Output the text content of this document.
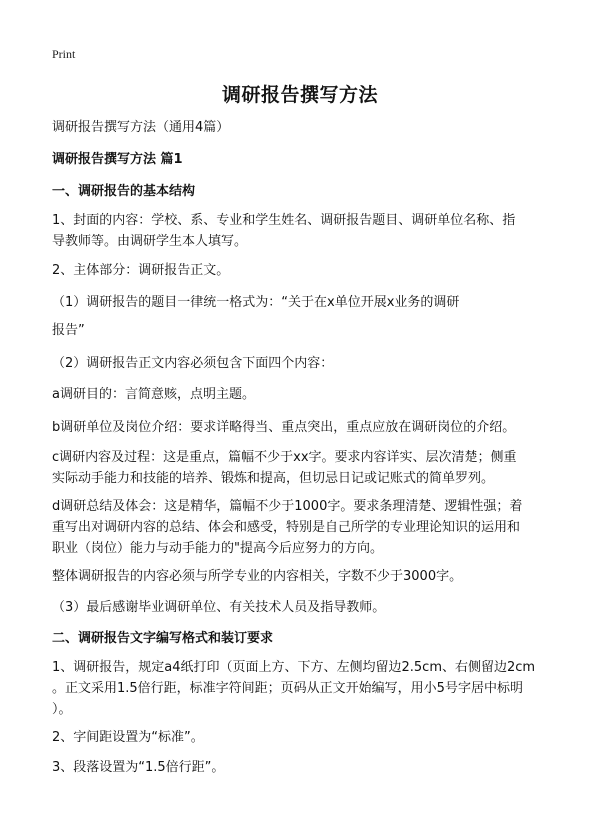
Print
调研报告撰写方法
调研报告撰写方法（通用4篇）
调研报告撰写方法 篇1
一、调研报告的基本结构
1、封面的内容：学校、系、专业和学生姓名、调研报告题目、调研单位名称、指
导教师等。由调研学生本人填写。
2、主体部分：调研报告正文。
（1）调研报告的题目一律统一格式为：“关于在x单位开展x业务的调研
报告”
（2）调研报告正文内容必须包含下面四个内容：
a调研目的：言简意赅，点明主题。
b调研单位及岗位介绍：要求详略得当、重点突出，重点应放在调研岗位的介绍。
c调研内容及过程：这是重点，篇幅不少于xx字。要求内容详实、层次清楚；侧重
实际动手能力和技能的培养、锻炼和提高，但切忌日记或记账式的简单罗列。
d调研总结及体会：这是精华，篇幅不少于1000字。要求条理清楚、逻辑性强；着
重写出对调研内容的总结、体会和感受，特别是自己所学的专业理论知识的运用和
职业（岗位）能力与动手能力的"提高今后应努力的方向。
整体调研报告的内容必须与所学专业的内容相关，字数不少于3000字。
（3）最后感谢毕业调研单位、有关技术人员及指导教师。
二、调研报告文字编写格式和装订要求
1、调研报告，规定a4纸打印（页面上方、下方、左侧均留边2.5cm、右侧留边2cm
。正文采用1.5倍行距，标准字符间距；页码从正文开始编写，用小5号字居中标明
）。
2、字间距设置为“标准”。
3、段落设置为“1.5倍行距”。
